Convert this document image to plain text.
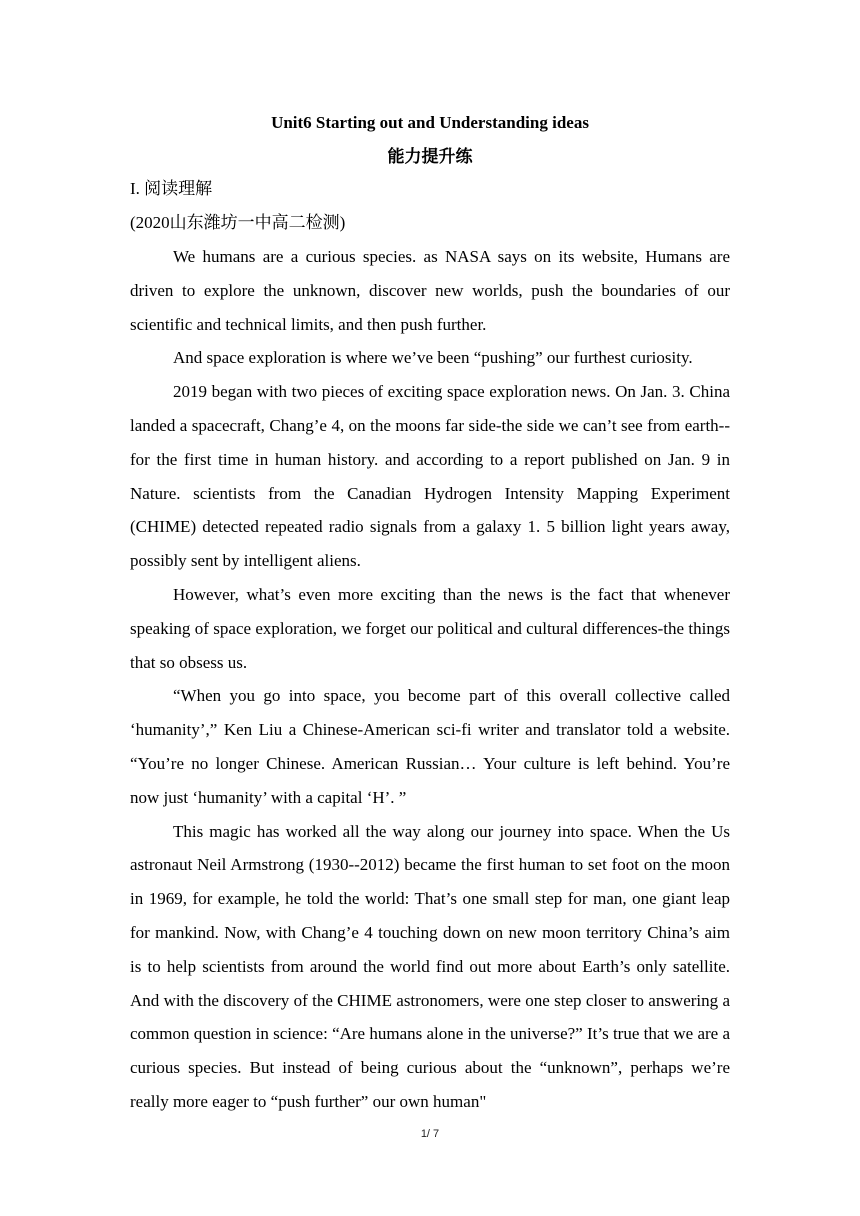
Unit6 Starting out and Understanding ideas

能力提升练

I. 阅读理解

(2020山东潍坊一中高二检测)

We humans are a curious species. as NASA says on its website, Humans are driven to explore the unknown, discover new worlds, push the boundaries of our scientific and technical limits, and then push further.

And space exploration is where we’ve been “pushing” our furthest curiosity.

2019 began with two pieces of exciting space exploration news. On Jan. 3. China landed a spacecraft, Chang’e 4, on the moons far side-the side we can’t see from earth--for the first time in human history. and according to a report published on Jan. 9 in Nature. scientists from the Canadian Hydrogen Intensity Mapping Experiment (CHIME) detected repeated radio signals from a galaxy 1. 5 billion light years away, possibly sent by intelligent aliens.

However, what’s even more exciting than the news is the fact that whenever speaking of space exploration, we forget our political and cultural differences-the things that so obsess us.

“When you go into space, you become part of this overall collective called ‘humanity’,” Ken Liu a Chinese-American sci-fi writer and translator told a website. “You’re no longer Chinese. American Russian… Your culture is left behind. You’re now just ‘humanity’ with a capital ‘H’. ”

This magic has worked all the way along our journey into space. When the Us astronaut Neil Armstrong (1930--2012) became the first human to set foot on the moon in 1969, for example, he told the world: That’s one small step for man, one giant leap for mankind. Now, with Chang’e 4 touching down on new moon territory China’s aim is to help scientists from around the world find out more about Earth’s only satellite. And with the discovery of the CHIME astronomers, were one step closer to answering a common question in science: “Are humans alone in the universe?” It’s true that we are a curious species. But instead of being curious about the “unknown”, perhaps we’re really more eager to “push further” our own human"

1/ 7
